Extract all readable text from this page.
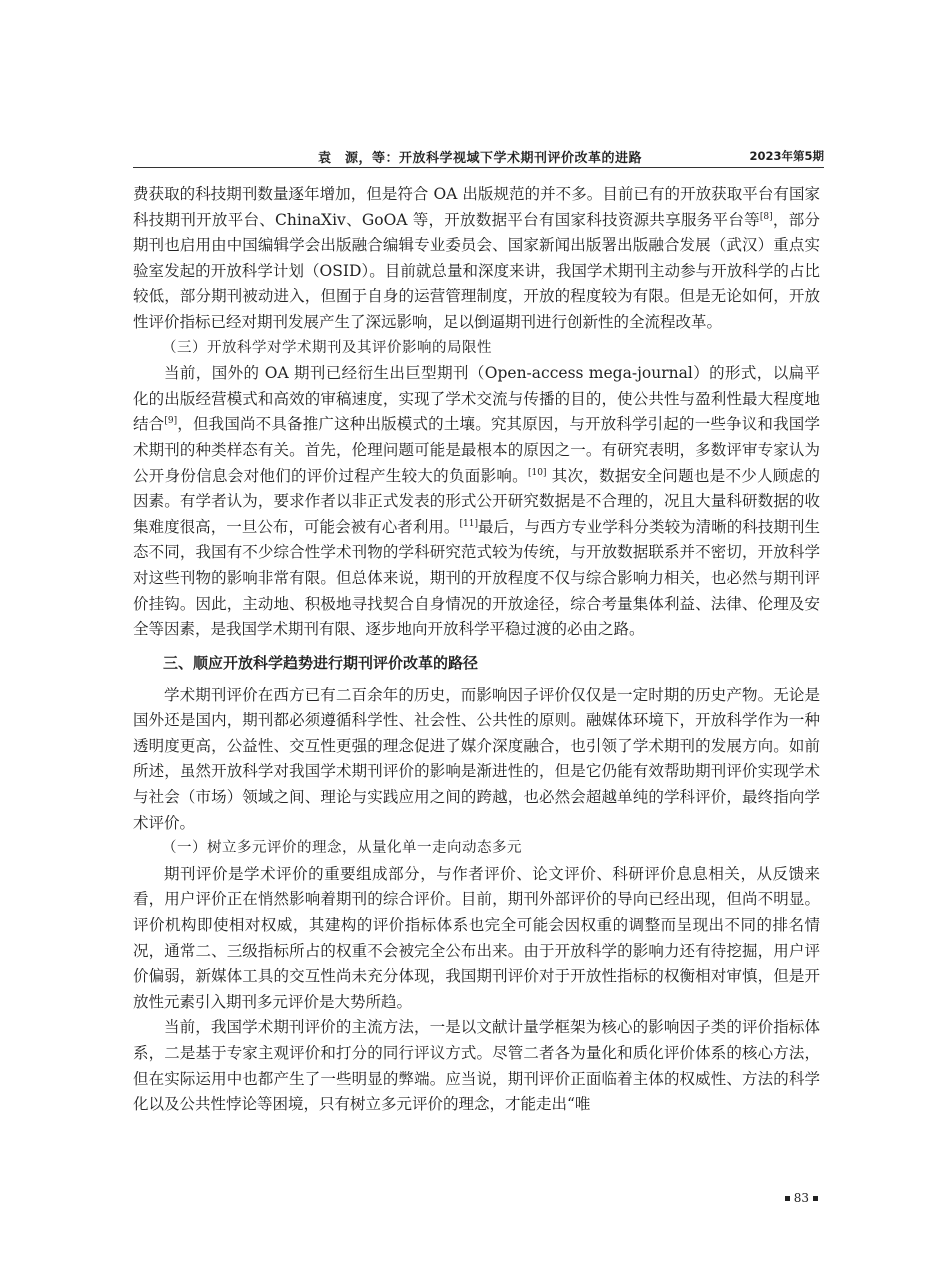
袁　源，等：开放科学视域下学术期刊评价改革的进路	2023年第5期

费获取的科技期刊数量逐年增加，但是符合 OA 出版规范的并不多。目前已有的开放获取平台有国家科技期刊开放平台、ChinaXiv、GoOA 等，开放数据平台有国家科技资源共享服务平台等[8]，部分期刊也启用由中国编辑学会出版融合编辑专业委员会、国家新闻出版署出版融合发展（武汉）重点实验室发起的开放科学计划（OSID）。目前就总量和深度来讲，我国学术期刊主动参与开放科学的占比较低，部分期刊被动进入，但囿于自身的运营管理制度，开放的程度较为有限。但是无论如何，开放性评价指标已经对期刊发展产生了深远影响，足以倒逼期刊进行创新性的全流程改革。

（三）开放科学对学术期刊及其评价影响的局限性

当前，国外的 OA 期刊已经衍生出巨型期刊（Open-access mega-journal）的形式，以扁平化的出版经营模式和高效的审稿速度，实现了学术交流与传播的目的，使公共性与盈利性最大程度地结合[9]，但我国尚不具备推广这种出版模式的土壤。究其原因，与开放科学引起的一些争议和我国学术期刊的种类样态有关。首先，伦理问题可能是最根本的原因之一。有研究表明，多数评审专家认为公开身份信息会对他们的评价过程产生较大的负面影响。[10] 其次，数据安全问题也是不少人顾虑的因素。有学者认为，要求作者以非正式发表的形式公开研究数据是不合理的，况且大量科研数据的收集难度很高，一旦公布，可能会被有心者利用。[11]最后，与西方专业学科分类较为清晰的科技期刊生态不同，我国有不少综合性学术刊物的学科研究范式较为传统，与开放数据联系并不密切，开放科学对这些刊物的影响非常有限。但总体来说，期刊的开放程度不仅与综合影响力相关，也必然与期刊评价挂钩。因此，主动地、积极地寻找契合自身情况的开放途径，综合考量集体利益、法律、伦理及安全等因素，是我国学术期刊有限、逐步地向开放科学平稳过渡的必由之路。

三、顺应开放科学趋势进行期刊评价改革的路径

学术期刊评价在西方已有二百余年的历史，而影响因子评价仅仅是一定时期的历史产物。无论是国外还是国内，期刊都必须遵循科学性、社会性、公共性的原则。融媒体环境下，开放科学作为一种透明度更高，公益性、交互性更强的理念促进了媒介深度融合，也引领了学术期刊的发展方向。如前所述，虽然开放科学对我国学术期刊评价的影响是渐进性的，但是它仍能有效帮助期刊评价实现学术与社会（市场）领域之间、理论与实践应用之间的跨越，也必然会超越单纯的学科评价，最终指向学术评价。

（一）树立多元评价的理念，从量化单一走向动态多元

期刊评价是学术评价的重要组成部分，与作者评价、论文评价、科研评价息息相关，从反馈来看，用户评价正在悄然影响着期刊的综合评价。目前，期刊外部评价的导向已经出现，但尚不明显。评价机构即使相对权威，其建构的评价指标体系也完全可能会因权重的调整而呈现出不同的排名情况，通常二、三级指标所占的权重不会被完全公布出来。由于开放科学的影响力还有待挖掘，用户评价偏弱，新媒体工具的交互性尚未充分体现，我国期刊评价对于开放性指标的权衡相对审慎，但是开放性元素引入期刊多元评价是大势所趋。

当前，我国学术期刊评价的主流方法，一是以文献计量学框架为核心的影响因子类的评价指标体系，二是基于专家主观评价和打分的同行评议方式。尽管二者各为量化和质化评价体系的核心方法，但在实际运用中也都产生了一些明显的弊端。应当说，期刊评价正面临着主体的权威性、方法的科学化以及公共性悖论等困境，只有树立多元评价的理念，才能走出“唯

83
